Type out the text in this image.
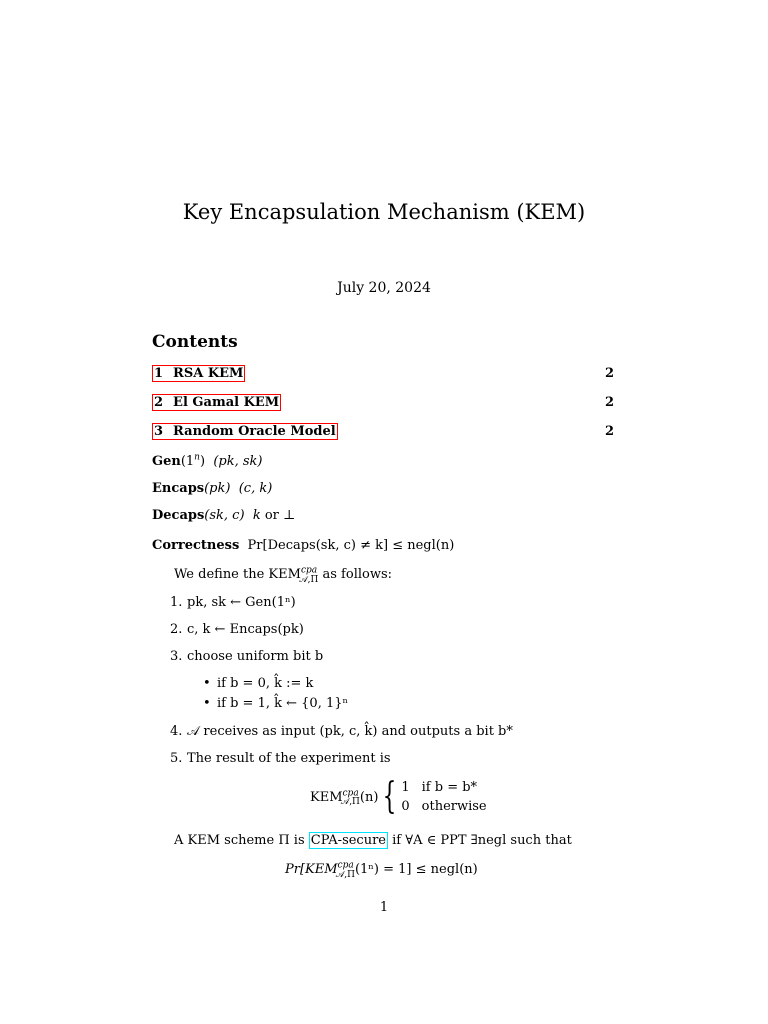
Key Encapsulation Mechanism (KEM)
July 20, 2024
Contents
1 RSA KEM	2
2 El Gamal KEM	2
3 Random Oracle Model	2
Gen(1$^n$) (pk, sk)
Encaps(pk) (c, k)
Decaps(sk, c) k or ⊥
Correctness Pr[Decaps(sk, c) ≠ k] ≤ negl(n)
We define the $KEM^{cpa}_{𝒜,\Pi}$ as follows:
1. pk, sk ← Gen(1ⁿ)
2. c, k ← Encaps(pk)
3. choose uniform bit b
• if b = 0, k̂ := k
• if b = 1, k̂ ← {0, 1}ⁿ
4. 𝒜 receives as input (pk, c, k̂) and outputs a bit b*
5. The result of the experiment is
$KEM^{cpa}_{𝒜,\Pi}(n)$ { 1	if b = b*
0	otherwise
A KEM scheme Π is CPA-secure if ∀A ∈ PPT ∃negl such that
$Pr[KEM^{cpa}_{𝒜,\Pi}(1^n) = 1]$ ≤ negl(n)
1
